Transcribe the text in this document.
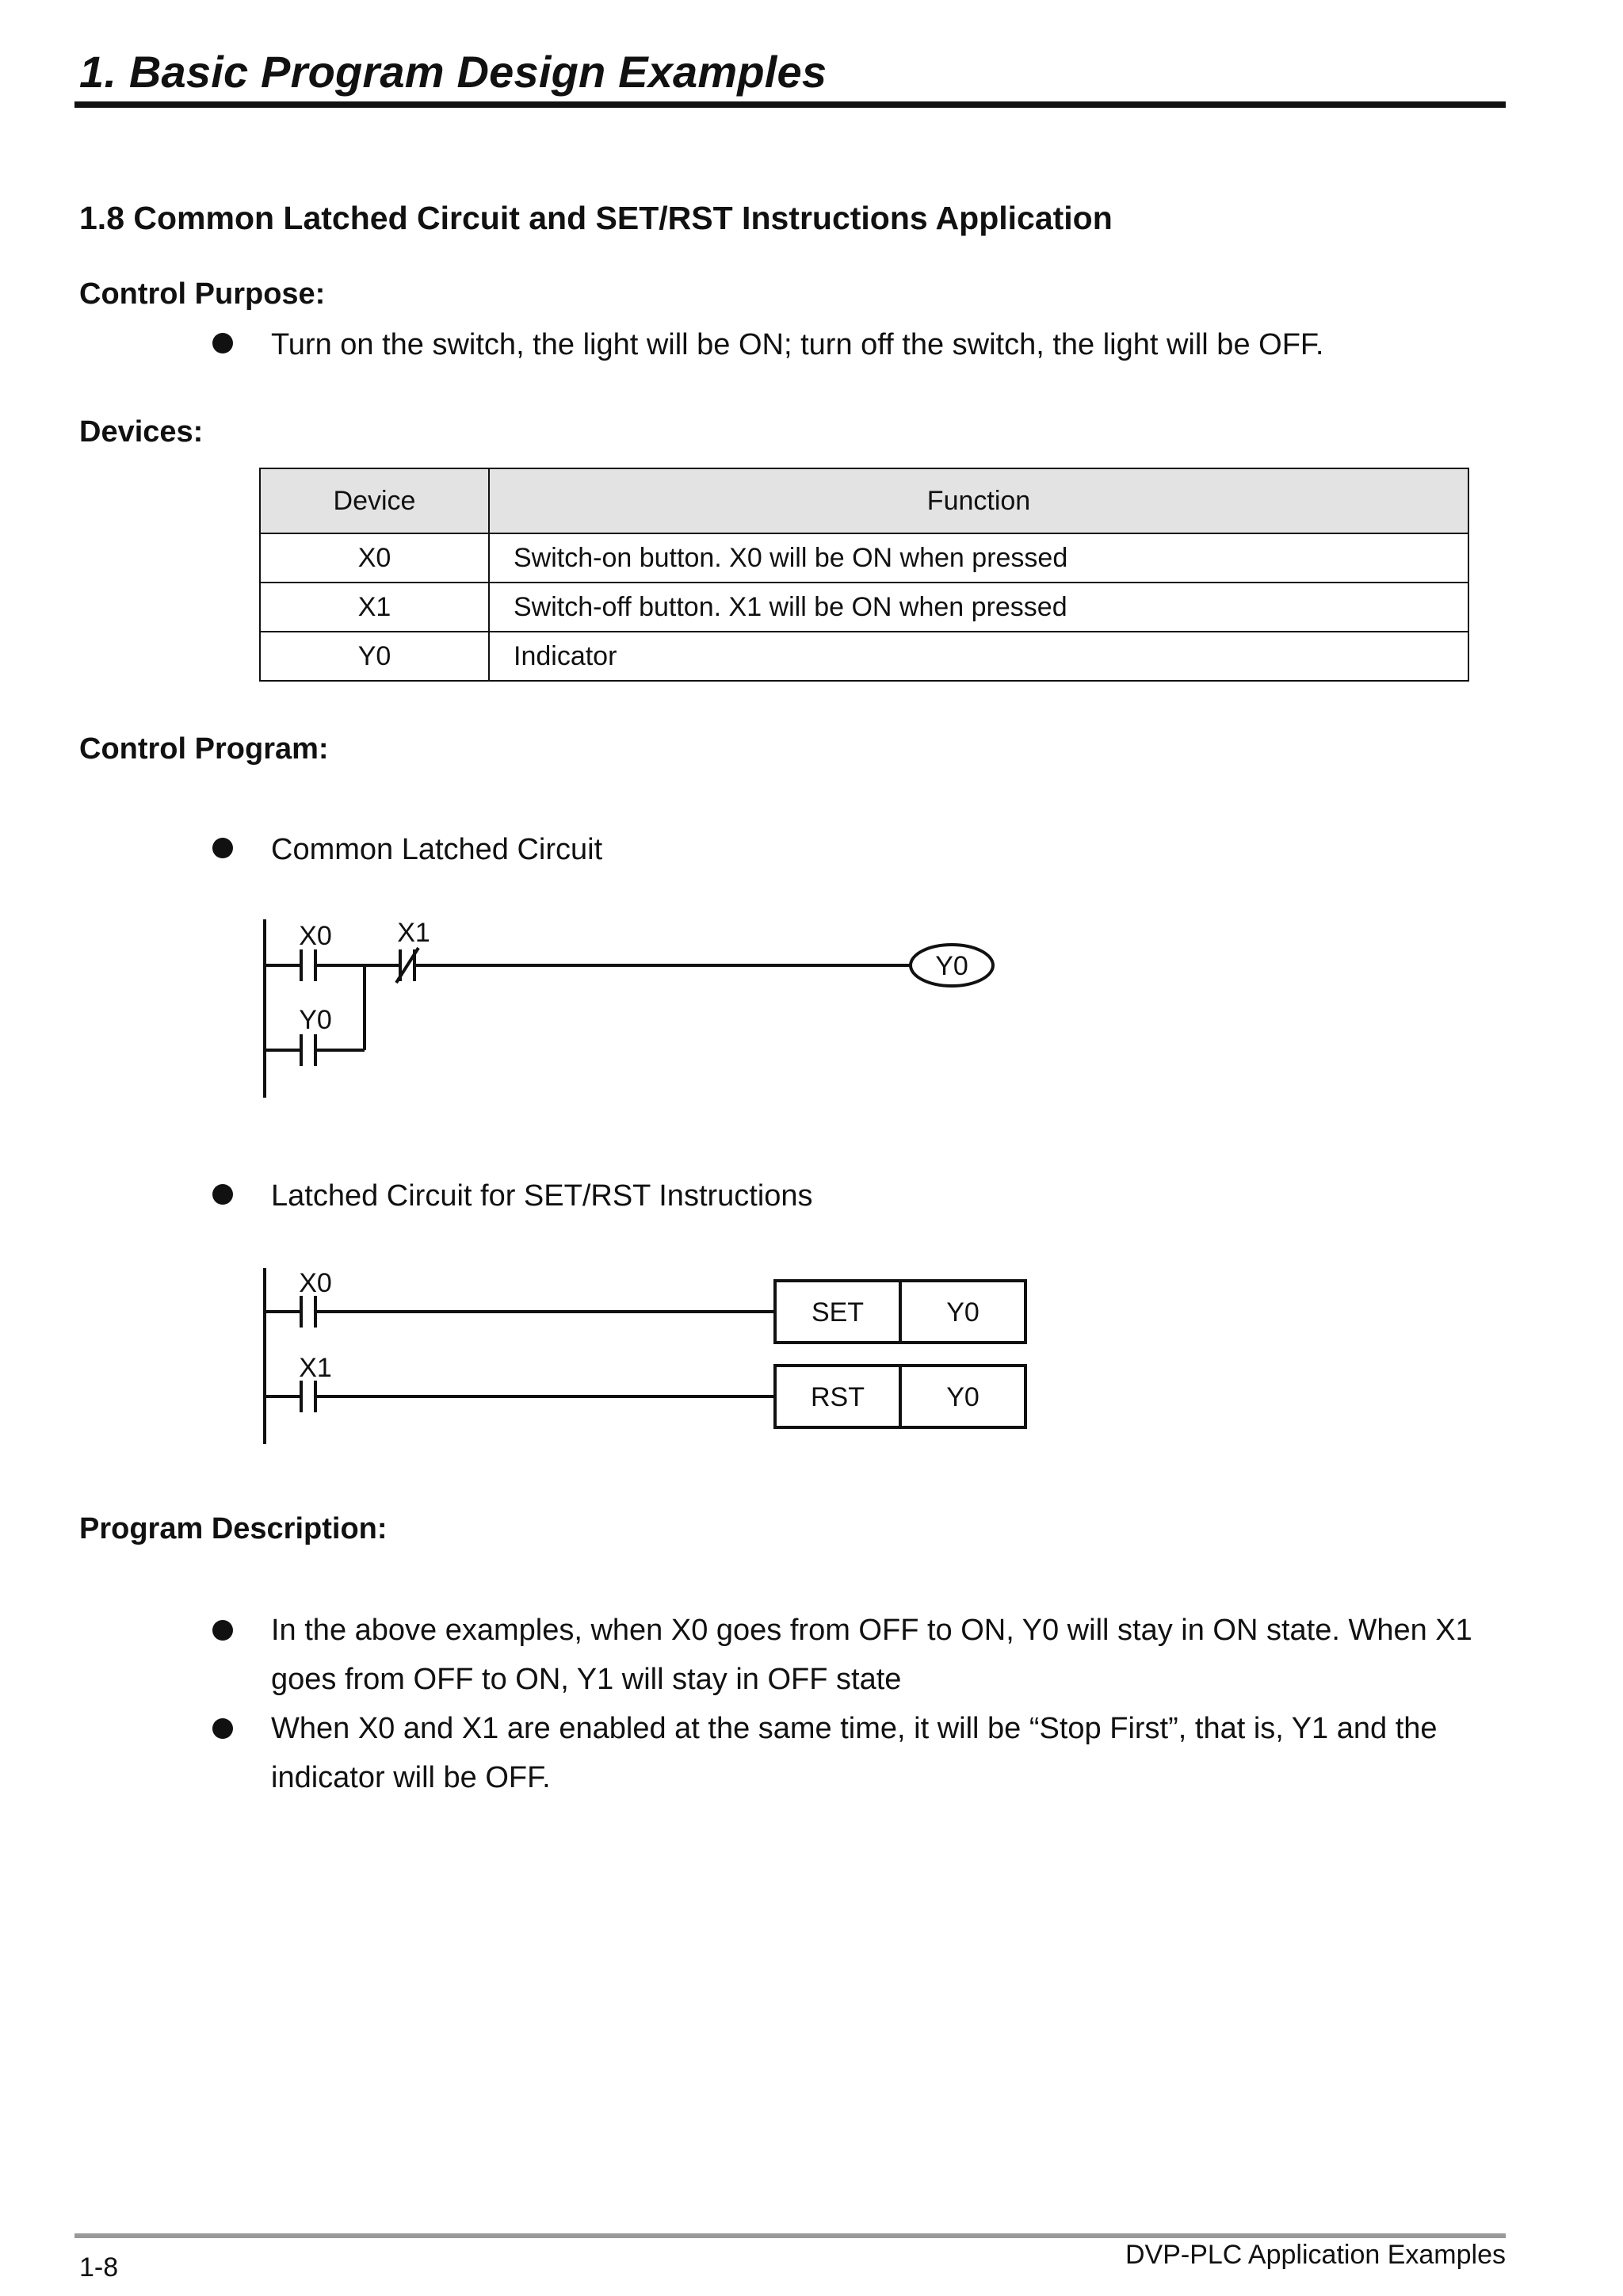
1. Basic Program Design Examples
1.8 Common Latched Circuit and SET/RST Instructions Application

Control Purpose:

Turn on the switch, the light will be ON; turn off the switch, the light will be OFF.

Devices:

Device	Function
X0	Switch-on button. X0 will be ON when pressed
X1	Switch-off button. X1 will be ON when pressed
Y0	Indicator

Control Program:

Common Latched Circuit
X0 X1
Y0
Y0
Latched Circuit for SET/RST Instructions
X0
SET	Y0
X1
RST	Y0

Program Description:

In the above examples, when X0 goes from OFF to ON, Y0 will stay in ON state. When X1
goes from OFF to ON, Y1 will stay in OFF state
When X0 and X1 are enabled at the same time, it will be “Stop First”, that is, Y1 and the
indicator will be OFF.
1-8	DVP-PLC Application Examples
